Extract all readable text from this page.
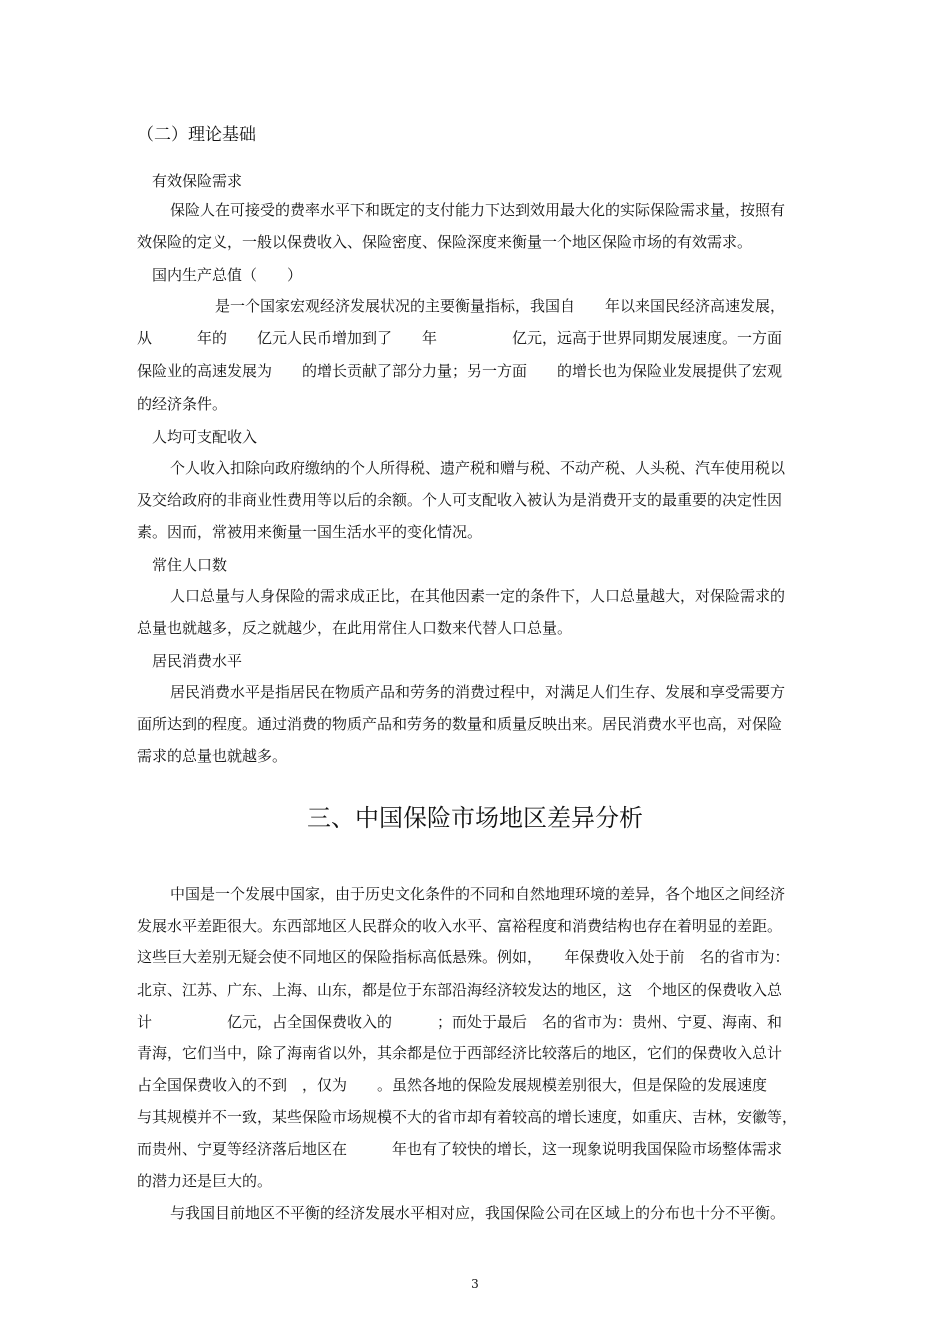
（二）理论基础
有效保险需求
保险人在可接受的费率水平下和既定的支付能力下达到效用最大化的实际保险需求量，按照有
效保险的定义，一般以保费收入、保险密度、保险深度来衡量一个地区保险市场的有效需求。
国内生产总值（　　）
　　　是一个国家宏观经济发展状况的主要衡量指标，我国自　　年以来国民经济高速发展，
从　　　年的　　亿元人民币增加到了　　年　　　　　亿元，远高于世界同期发展速度。一方面
保险业的高速发展为　　的增长贡献了部分力量；另一方面　　的增长也为保险业发展提供了宏观
的经济条件。
人均可支配收入
个人收入扣除向政府缴纳的个人所得税、遗产税和赠与税、不动产税、人头税、汽车使用税以
及交给政府的非商业性费用等以后的余额。个人可支配收入被认为是消费开支的最重要的决定性因
素。因而，常被用来衡量一国生活水平的变化情况。
常住人口数
人口总量与人身保险的需求成正比，在其他因素一定的条件下，人口总量越大，对保险需求的
总量也就越多，反之就越少，在此用常住人口数来代替人口总量。
居民消费水平
居民消费水平是指居民在物质产品和劳务的消费过程中，对满足人们生存、发展和享受需要方
面所达到的程度。通过消费的物质产品和劳务的数量和质量反映出来。居民消费水平也高，对保险
需求的总量也就越多。
三、中国保险市场地区差异分析
中国是一个发展中国家，由于历史文化条件的不同和自然地理环境的差异，各个地区之间经济
发展水平差距很大。东西部地区人民群众的收入水平、富裕程度和消费结构也存在着明显的差距。
这些巨大差别无疑会使不同地区的保险指标高低悬殊。例如，　　年保费收入处于前　名的省市为：
北京、江苏、广东、上海、山东，都是位于东部沿海经济较发达的地区，这　个地区的保费收入总
计　　　　　亿元，占全国保费收入的　　　；而处于最后　名的省市为：贵州、宁夏、海南、和
青海，它们当中，除了海南省以外，其余都是位于西部经济比较落后的地区，它们的保费收入总计
占全国保费收入的不到　，仅为　　。虽然各地的保险发展规模差别很大，但是保险的发展速度
与其规模并不一致，某些保险市场规模不大的省市却有着较高的增长速度，如重庆、吉林，安徽等，
而贵州、宁夏等经济落后地区在　　　年也有了较快的增长，这一现象说明我国保险市场整体需求
的潜力还是巨大的。
与我国目前地区不平衡的经济发展水平相对应，我国保险公司在区域上的分布也十分不平衡。
3
